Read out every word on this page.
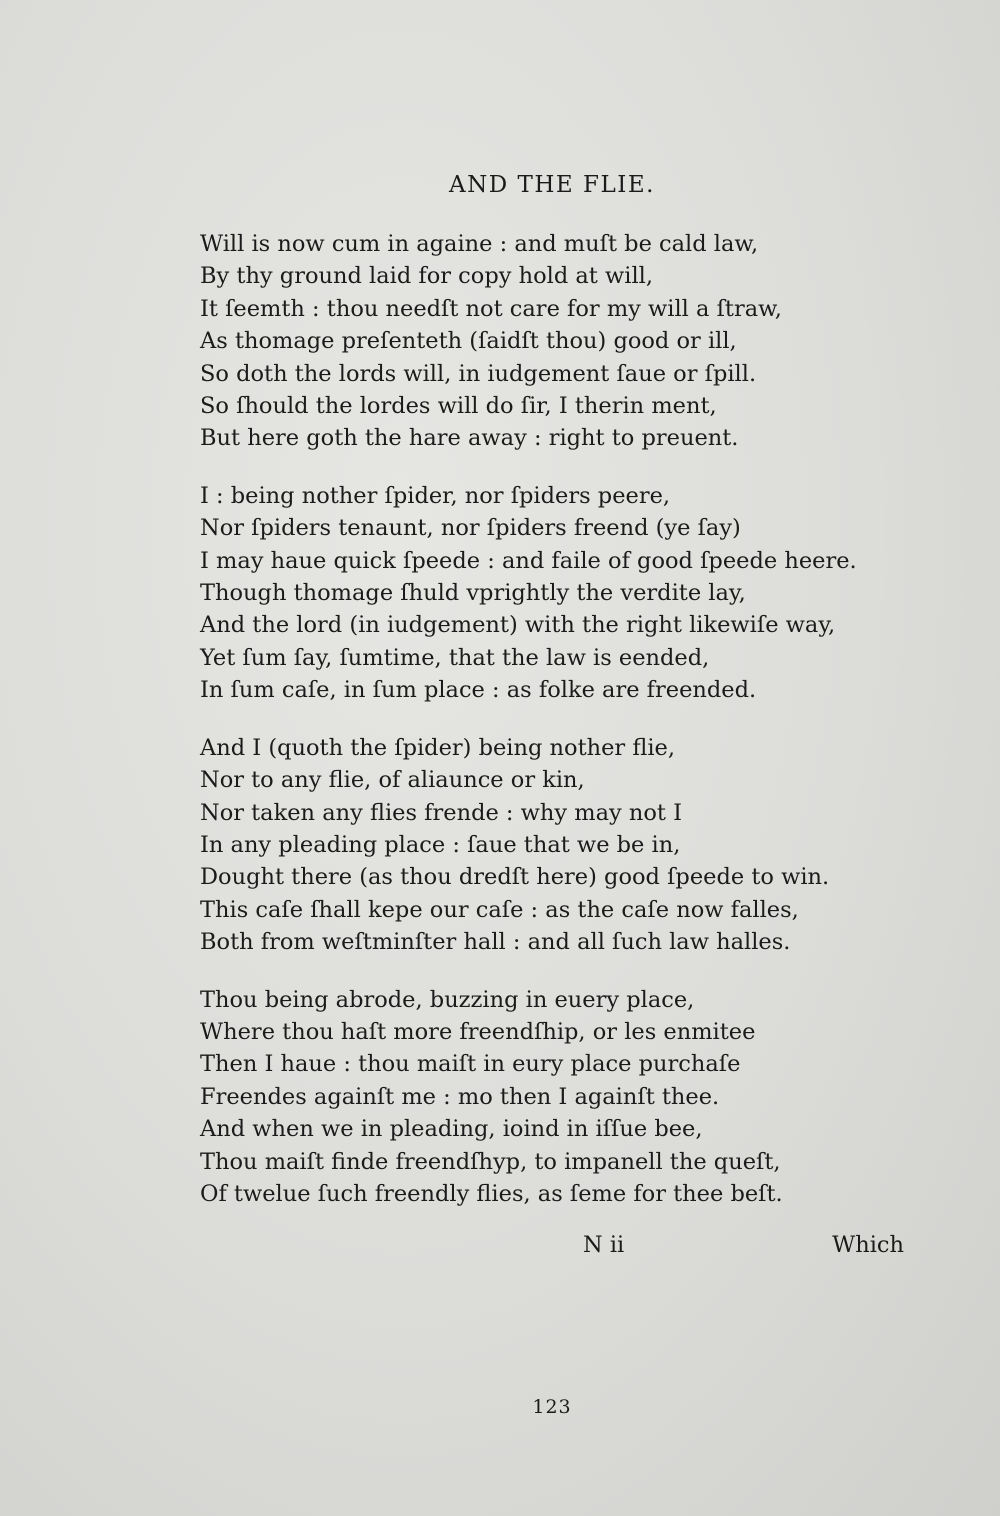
AND THE FLIE.
Will is now cum in againe : and muſt be cald law,
By thy ground laid for copy hold at will,
It ſeemth : thou needſt not care for my will a ſtraw,
As thomage preſenteth (ſaidſt thou) good or ill,
So doth the lords will, in iudgement ſaue or ſpill.
So ſhould the lordes will do ſir, I therin ment,
But here goth the hare away : right to preuent.
I : being nother ſpider, nor ſpiders peere,
Nor ſpiders tenaunt, nor ſpiders freend (ye ſay)
I may haue quick ſpeede : and faile of good ſpeede heere.
Though thomage ſhuld vprightly the verdite lay,
And the lord (in iudgement) with the right likewiſe way,
Yet ſum ſay, ſumtime, that the law is eended,
In ſum caſe, in ſum place : as folke are freended.
And I (quoth the ſpider) being nother flie,
Nor to any flie, of aliaunce or kin,
Nor taken any flies frende : why may not I
In any pleading place : ſaue that we be in,
Dought there (as thou dredſt here) good ſpeede to win.
This caſe ſhall kepe our caſe : as the caſe now falles,
Both from weſtminſter hall : and all ſuch law halles.
Thou being abrode, buzzing in euery place,
Where thou haſt more freendſhip, or les enmitee
Then I haue : thou maiſt in eury place purchaſe
Freendes againſt me : mo then I againſt thee.
And when we in pleading, ioind in iſſue bee,
Thou maiſt finde freendſhyp, to impanell the queſt,
Of twelue ſuch freendly flies, as ſeme for thee beſt.
N ii	Which
123
